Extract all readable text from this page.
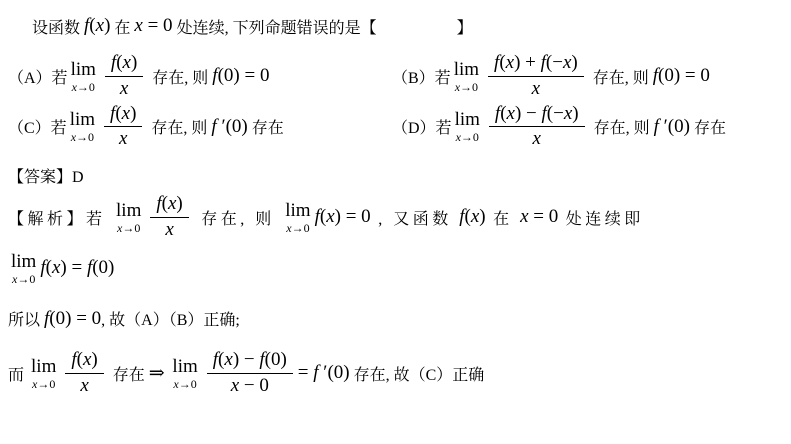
设函数 f(x) 在 x = 0 处连续, 下列命题错误的是【　　　　　】
（A）若 lim
$x\to 0 \frac{f(x)}{x}$ 存在, 则 f(0) = 0	（B）若 lim
$x\to 0 \frac{f(x) + f(-x)}{x}$ 存在, 则 f(0) = 0
（C）若 lim
$x\to 0 \frac{f(x)}{x}$ 存在, 则 f ′(0) 存在	（D）若 lim
$x\to 0 \frac{f(x) - f(-x)}{x}$ 存在, 则 f ′(0) 存在
【答案】D
【解析】若 lim
$x\to 0 \frac{f(x)}{x}$ 存在, 则 lim
x→0
f(x) = 0 , 又函数 f(x) 在 x = 0 处连续即
lim
x→0
f(x) = f(0)
所以 f(0) = 0 , 故（A）（B）正确;
而 lim
$x\to 0 \frac{f(x)}{x}$ 存在 ⇒ lim
$x\to 0 \frac{f(x) - f(0)}{x - 0} = f$ ′(0) 存在, 故（C）正确
